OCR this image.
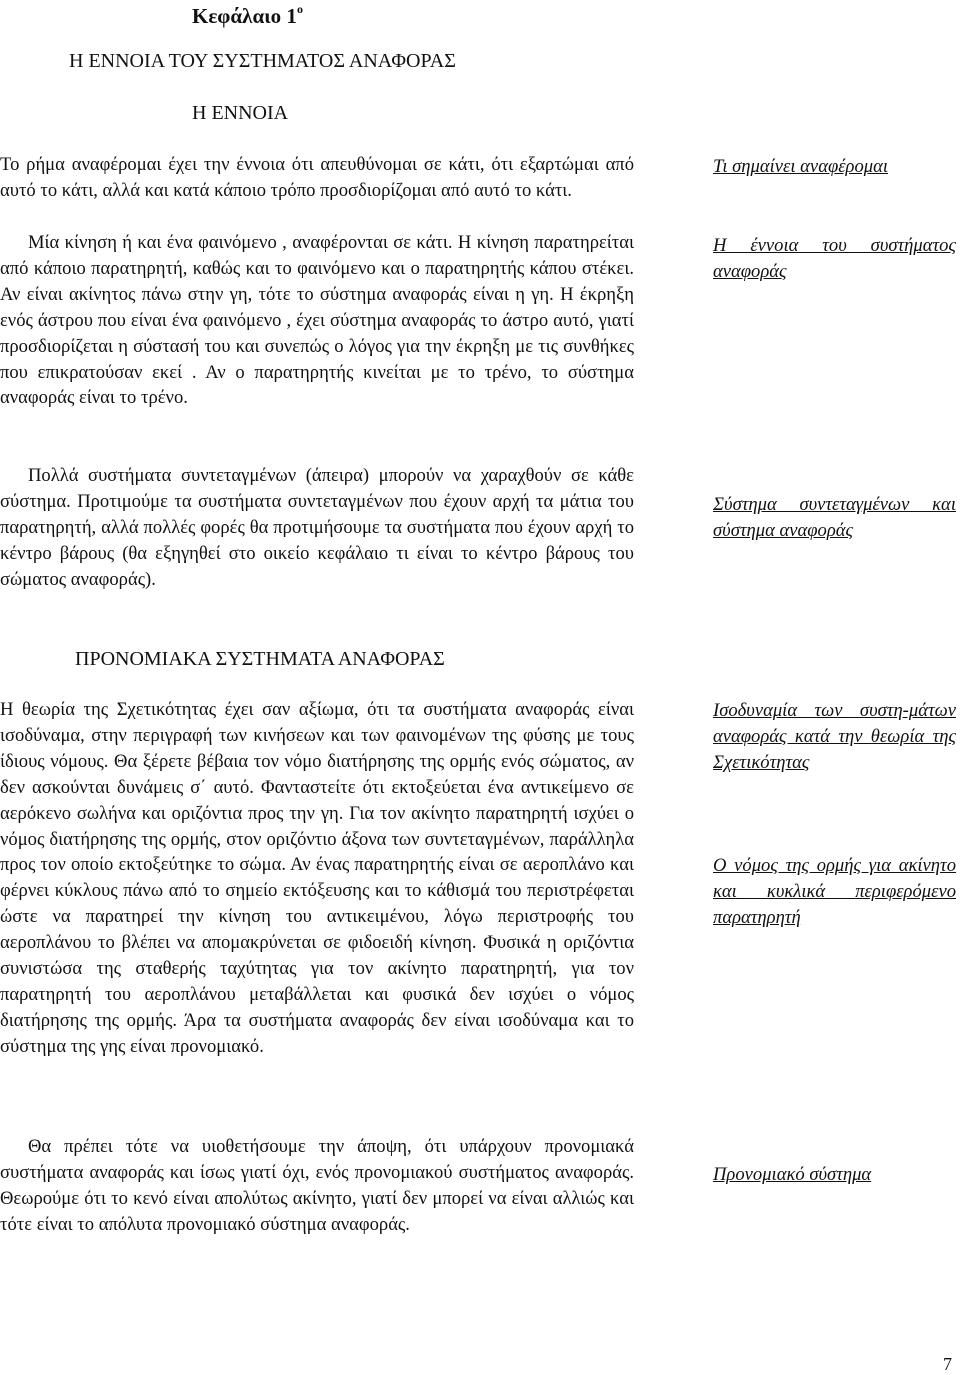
Κεφάλαιο $1^o$
Η ΕΝΝΟΙΑ ΤΟΥ ΣΥΣΤΗΜΑΤΟΣ ΑΝΑΦΟΡΑΣ
Η ΕΝΝΟΙΑ

Το ρήμα αναφέρομαι έχει την έννοια ότι απευθύνομαι σε κάτι, ότι εξαρτώμαι από αυτό το κάτι, αλλά και κατά κάποιο τρόπο προσδιορίζομαι από αυτό το κάτι.

Μία κίνηση ή και ένα φαινόμενο , αναφέρονται σε κάτι. Η κίνηση παρατηρείται από κάποιο παρατηρητή, καθώς και το φαινόμενο και ο παρατηρητής κάπου στέκει. Αν είναι ακίνητος πάνω στην γη, τότε το σύστημα αναφοράς είναι η γη. Η έκρηξη ενός άστρου που είναι ένα φαινόμενο , έχει σύστημα αναφοράς το άστρο αυτό, γιατί προσδιορίζεται η σύστασή του και συνεπώς ο λόγος για την έκρηξη με τις συνθήκες που επικρατούσαν εκεί . Αν ο παρατηρητής κινείται με το τρένο, το σύστημα αναφοράς είναι το τρένο.

Πολλά συστήματα συντεταγμένων (άπειρα) μπορούν να χαραχθούν σε κάθε σύστημα. Προτιμούμε τα συστήματα συντεταγμένων που έχουν αρχή τα μάτια του παρατηρητή, αλλά πολλές φορές θα προτιμήσουμε τα συστήματα που έχουν αρχή το κέντρο βάρους (θα εξηγηθεί στο οικείο κεφάλαιο τι είναι το κέντρο βάρους του σώματος αναφοράς).

ΠΡΟΝΟΜΙΑΚΑ ΣΥΣΤΗΜΑΤΑ ΑΝΑΦΟΡΑΣ

Η θεωρία της Σχετικότητας έχει σαν αξίωμα, ότι τα συστήματα αναφοράς είναι ισοδύναμα, στην περιγραφή των κινήσεων και των φαινομένων της φύσης με τους ίδιους νόμους. Θα ξέρετε βέβαια τον νόμο διατήρησης της ορμής ενός σώματος, αν δεν ασκούνται δυνάμεις σ΄ αυτό. Φανταστείτε ότι εκτοξεύεται ένα αντικείμενο σε αερόκενο σωλήνα και οριζόντια προς την γη. Για τον ακίνητο παρατηρητή ισχύει ο νόμος διατήρησης της ορμής, στον οριζόντιο άξονα των συντεταγμένων, παράλληλα προς τον οποίο εκτοξεύτηκε το σώμα. Αν ένας παρατηρητής είναι σε αεροπλάνο και φέρνει κύκλους πάνω από το σημείο εκτόξευσης και το κάθισμά του περιστρέφεται ώστε να παρατηρεί την κίνηση του αντικειμένου, λόγω περιστροφής του αεροπλάνου το βλέπει να απομακρύνεται σε φιδοειδή κίνηση. Φυσικά η οριζόντια συνιστώσα της σταθερής ταχύτητας για τον ακίνητο παρατηρητή, για τον παρατηρητή του αεροπλάνου μεταβάλλεται και φυσικά δεν ισχύει ο νόμος διατήρησης της ορμής. Άρα τα συστήματα αναφοράς δεν είναι ισοδύναμα και το σύστημα της γης είναι προνομιακό.

Θα πρέπει τότε να υιοθετήσουμε την άποψη, ότι υπάρχουν προνομιακά συστήματα αναφοράς και ίσως γιατί όχι, ενός προνομιακού συστήματος αναφοράς. Θεωρούμε ότι το κενό είναι απολύτως ακίνητο, γιατί δεν μπορεί να είναι αλλιώς και τότε είναι το απόλυτα προνομιακό σύστημα αναφοράς.

Τι σημαίνει αναφέρομαι

Η έννοια του συστήματος αναφοράς

Σύστημα συντεταγμένων και σύστημα αναφοράς

Ισοδυναμία των συστη-μάτων αναφοράς κατά την θεωρία της Σχετικότητας

Ο νόμος της ορμής για ακίνητο και κυκλικά περιφερόμενο παρατηρητή

Προνομιακό σύστημα

7
